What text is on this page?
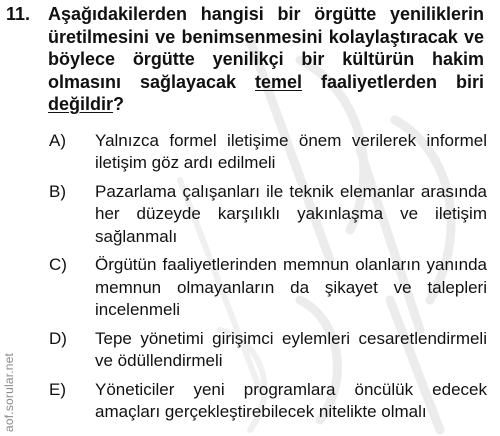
aof.sorular.net
11. Aşağıdakilerden hangisi bir örgütte yeniliklerin üretilmesini ve benimsenmesini kolaylaştıracak ve böylece örgütte yenilikçi bir kültürün hakim olmasını sağlayacak temel faaliyetlerden biri değildir?
A)	Yalnızca formel iletişime önem verilerek informel iletişim göz ardı edilmeli
B)	Pazarlama çalışanları ile teknik elemanlar arasında her düzeyde karşılıklı yakınlaşma ve iletişim sağlanmalı
C)	Örgütün faaliyetlerinden memnun olanların yanında memnun olmayanların da şikayet ve talepleri incelenmeli
D)	Tepe yönetimi girişimci eylemleri cesaretlendirmeli ve ödüllendirmeli
E)	Yöneticiler yeni programlara öncülük edecek amaçları gerçekleştirebilecek nitelikte olmalı
